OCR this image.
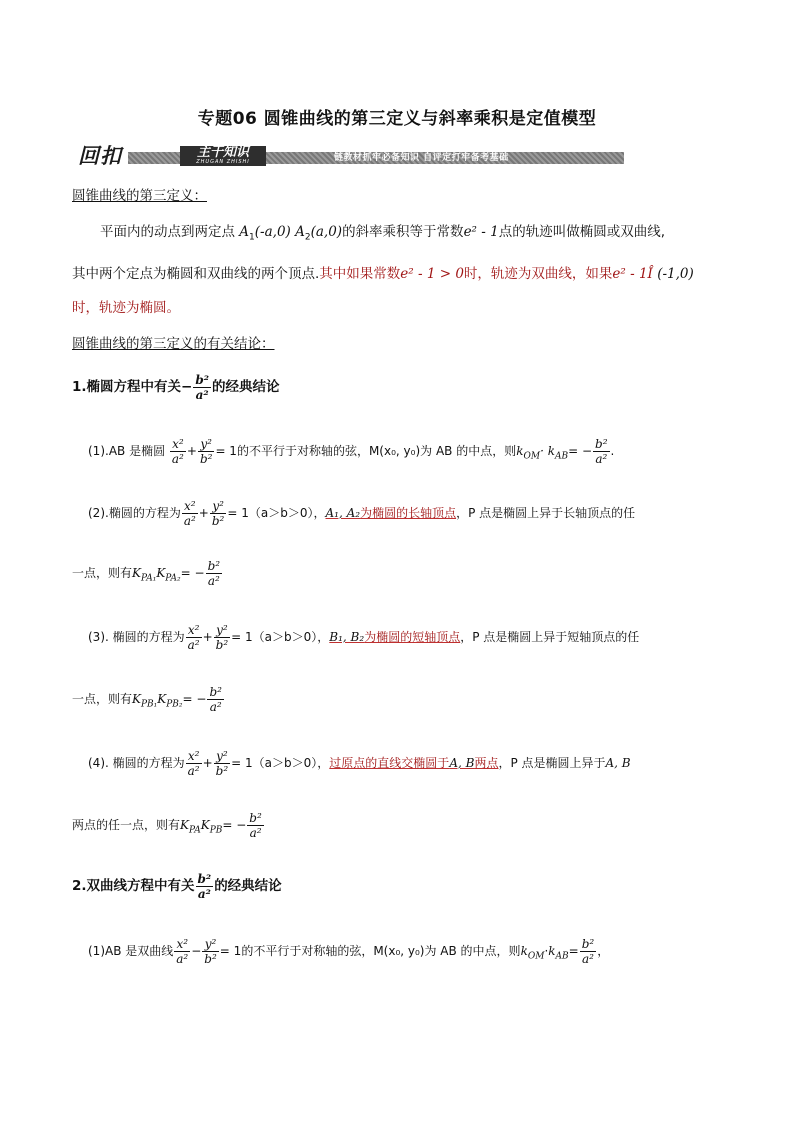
专题06 圆锥曲线的第三定义与斜率乘积是定值模型
回扣	主干知识
ZHUGAN ZHISHI	链教材抓牢必备知识 自评定打牢备考基础
圆锥曲线的第三定义：
平面内的动点到两定点 $A_1(-a,0)$ $A_2(a,0)$的斜率乘积等于常数e² - 1点的轨迹叫做椭圆或双曲线,
其中两个定点为椭圆和双曲线的两个顶点.其中如果常数e² - 1 > 0时，轨迹为双曲线，如果e² - 1Î (-1,0)
时，轨迹为椭圆。
圆锥曲线的第三定义的有关结论：
1.椭圆方程中有关− $\frac{\text{b²}}{\text{a²}}$ 的经典结论
(1).AB 是椭圆 $\frac{\text{x²}}{\text{a²}} + \frac{\text{y²}}{\text{b²}} = 1$的不平行于对称轴的弦，M(x₀, y₀)为 AB 的中点，则$k_{OM}\cdot k_{AB}= - \frac{\text{b²}}{\text{a²}}$ .
(2).椭圆的方程为 $\frac{\text{x²}}{\text{a²}} + \frac{\text{y²}}{\text{b²}} = 1(a>b>0)$，A₁, A₂为椭圆的长轴顶点，P 点是椭圆上异于长轴顶点的任
一点，则有$K_{PA_1}K_{PA_2}= - \frac{\text{b²}}{\text{a²}}$
(3). 椭圆的方程为 $\frac{\text{x²}}{\text{a²}} + \frac{\text{y²}}{\text{b²}} = 1(a>b>0)$，B₁, B₂为椭圆的短轴顶点，P 点是椭圆上异于短轴顶点的任
一点，则有$K_{PB_1}K_{PB_2}= - \frac{\text{b²}}{\text{a²}}$
(4). 椭圆的方程为 $\frac{\text{x²}}{\text{a²}} + \frac{\text{y²}}{\text{b²}} = 1(a>b>0)$，过原点的直线交椭圆于A, B两点，P 点是椭圆上异于A, B
两点的任一点，则有$K_{PA}K_{PB}= - \frac{\text{b²}}{\text{a²}}$
2.双曲线方程中有关 $\frac{\text{b²}}{\text{a²}}$ 的经典结论
(1)AB 是双曲线 $\frac{\text{x²}}{\text{a²}} - \frac{\text{y²}}{\text{b²}} = 1$的不平行于对称轴的弦，M(x₀, y₀)为 AB 的中点，则$k_{OM}\cdot k_{AB}= \frac{\text{b²}}{\text{a²}}$ ，
